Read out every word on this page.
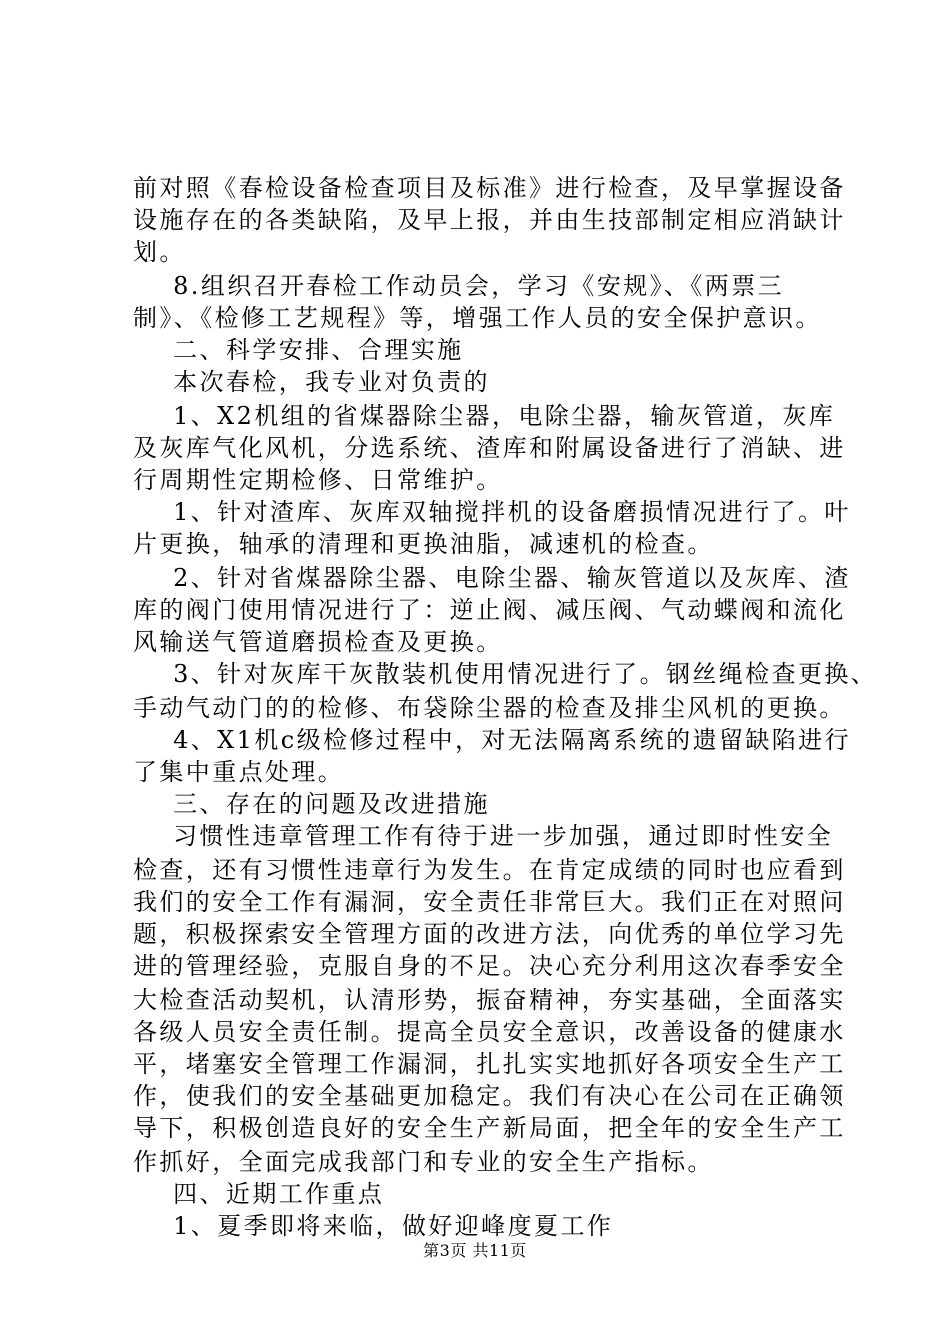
前对照《春检设备检查项目及标准》进行检查，及早掌握设备
设施存在的各类缺陷，及早上报，并由生技部制定相应消缺计
划。
8.组织召开春检工作动员会，学习《安规》、《两票三
制》、《检修工艺规程》等，增强工作人员的安全保护意识。
二、科学安排、合理实施
本次春检，我专业对负责的
1、X2机组的省煤器除尘器，电除尘器，输灰管道，灰库
及灰库气化风机，分选系统、渣库和附属设备进行了消缺、进
行周期性定期检修、日常维护。
1、针对渣库、灰库双轴搅拌机的设备磨损情况进行了。叶
片更换，轴承的清理和更换油脂，减速机的检查。
2、针对省煤器除尘器、电除尘器、输灰管道以及灰库、渣
库的阀门使用情况进行了：逆止阀、减压阀、气动蝶阀和流化
风输送气管道磨损检查及更换。
3、针对灰库干灰散装机使用情况进行了。钢丝绳检查更换、
手动气动门的的检修、布袋除尘器的检查及排尘风机的更换。
4、X1机c级检修过程中，对无法隔离系统的遗留缺陷进行
了集中重点处理。
三、存在的问题及改进措施
习惯性违章管理工作有待于进一步加强，通过即时性安全
检查，还有习惯性违章行为发生。在肯定成绩的同时也应看到
我们的安全工作有漏洞，安全责任非常巨大。我们正在对照问
题，积极探索安全管理方面的改进方法，向优秀的单位学习先
进的管理经验，克服自身的不足。决心充分利用这次春季安全
大检查活动契机，认清形势，振奋精神，夯实基础，全面落实
各级人员安全责任制。提高全员安全意识，改善设备的健康水
平，堵塞安全管理工作漏洞，扎扎实实地抓好各项安全生产工
作，使我们的安全基础更加稳定。我们有决心在公司在正确领
导下，积极创造良好的安全生产新局面，把全年的安全生产工
作抓好，全面完成我部门和专业的安全生产指标。
四、近期工作重点
1、夏季即将来临，做好迎峰度夏工作
第3页 共11页
